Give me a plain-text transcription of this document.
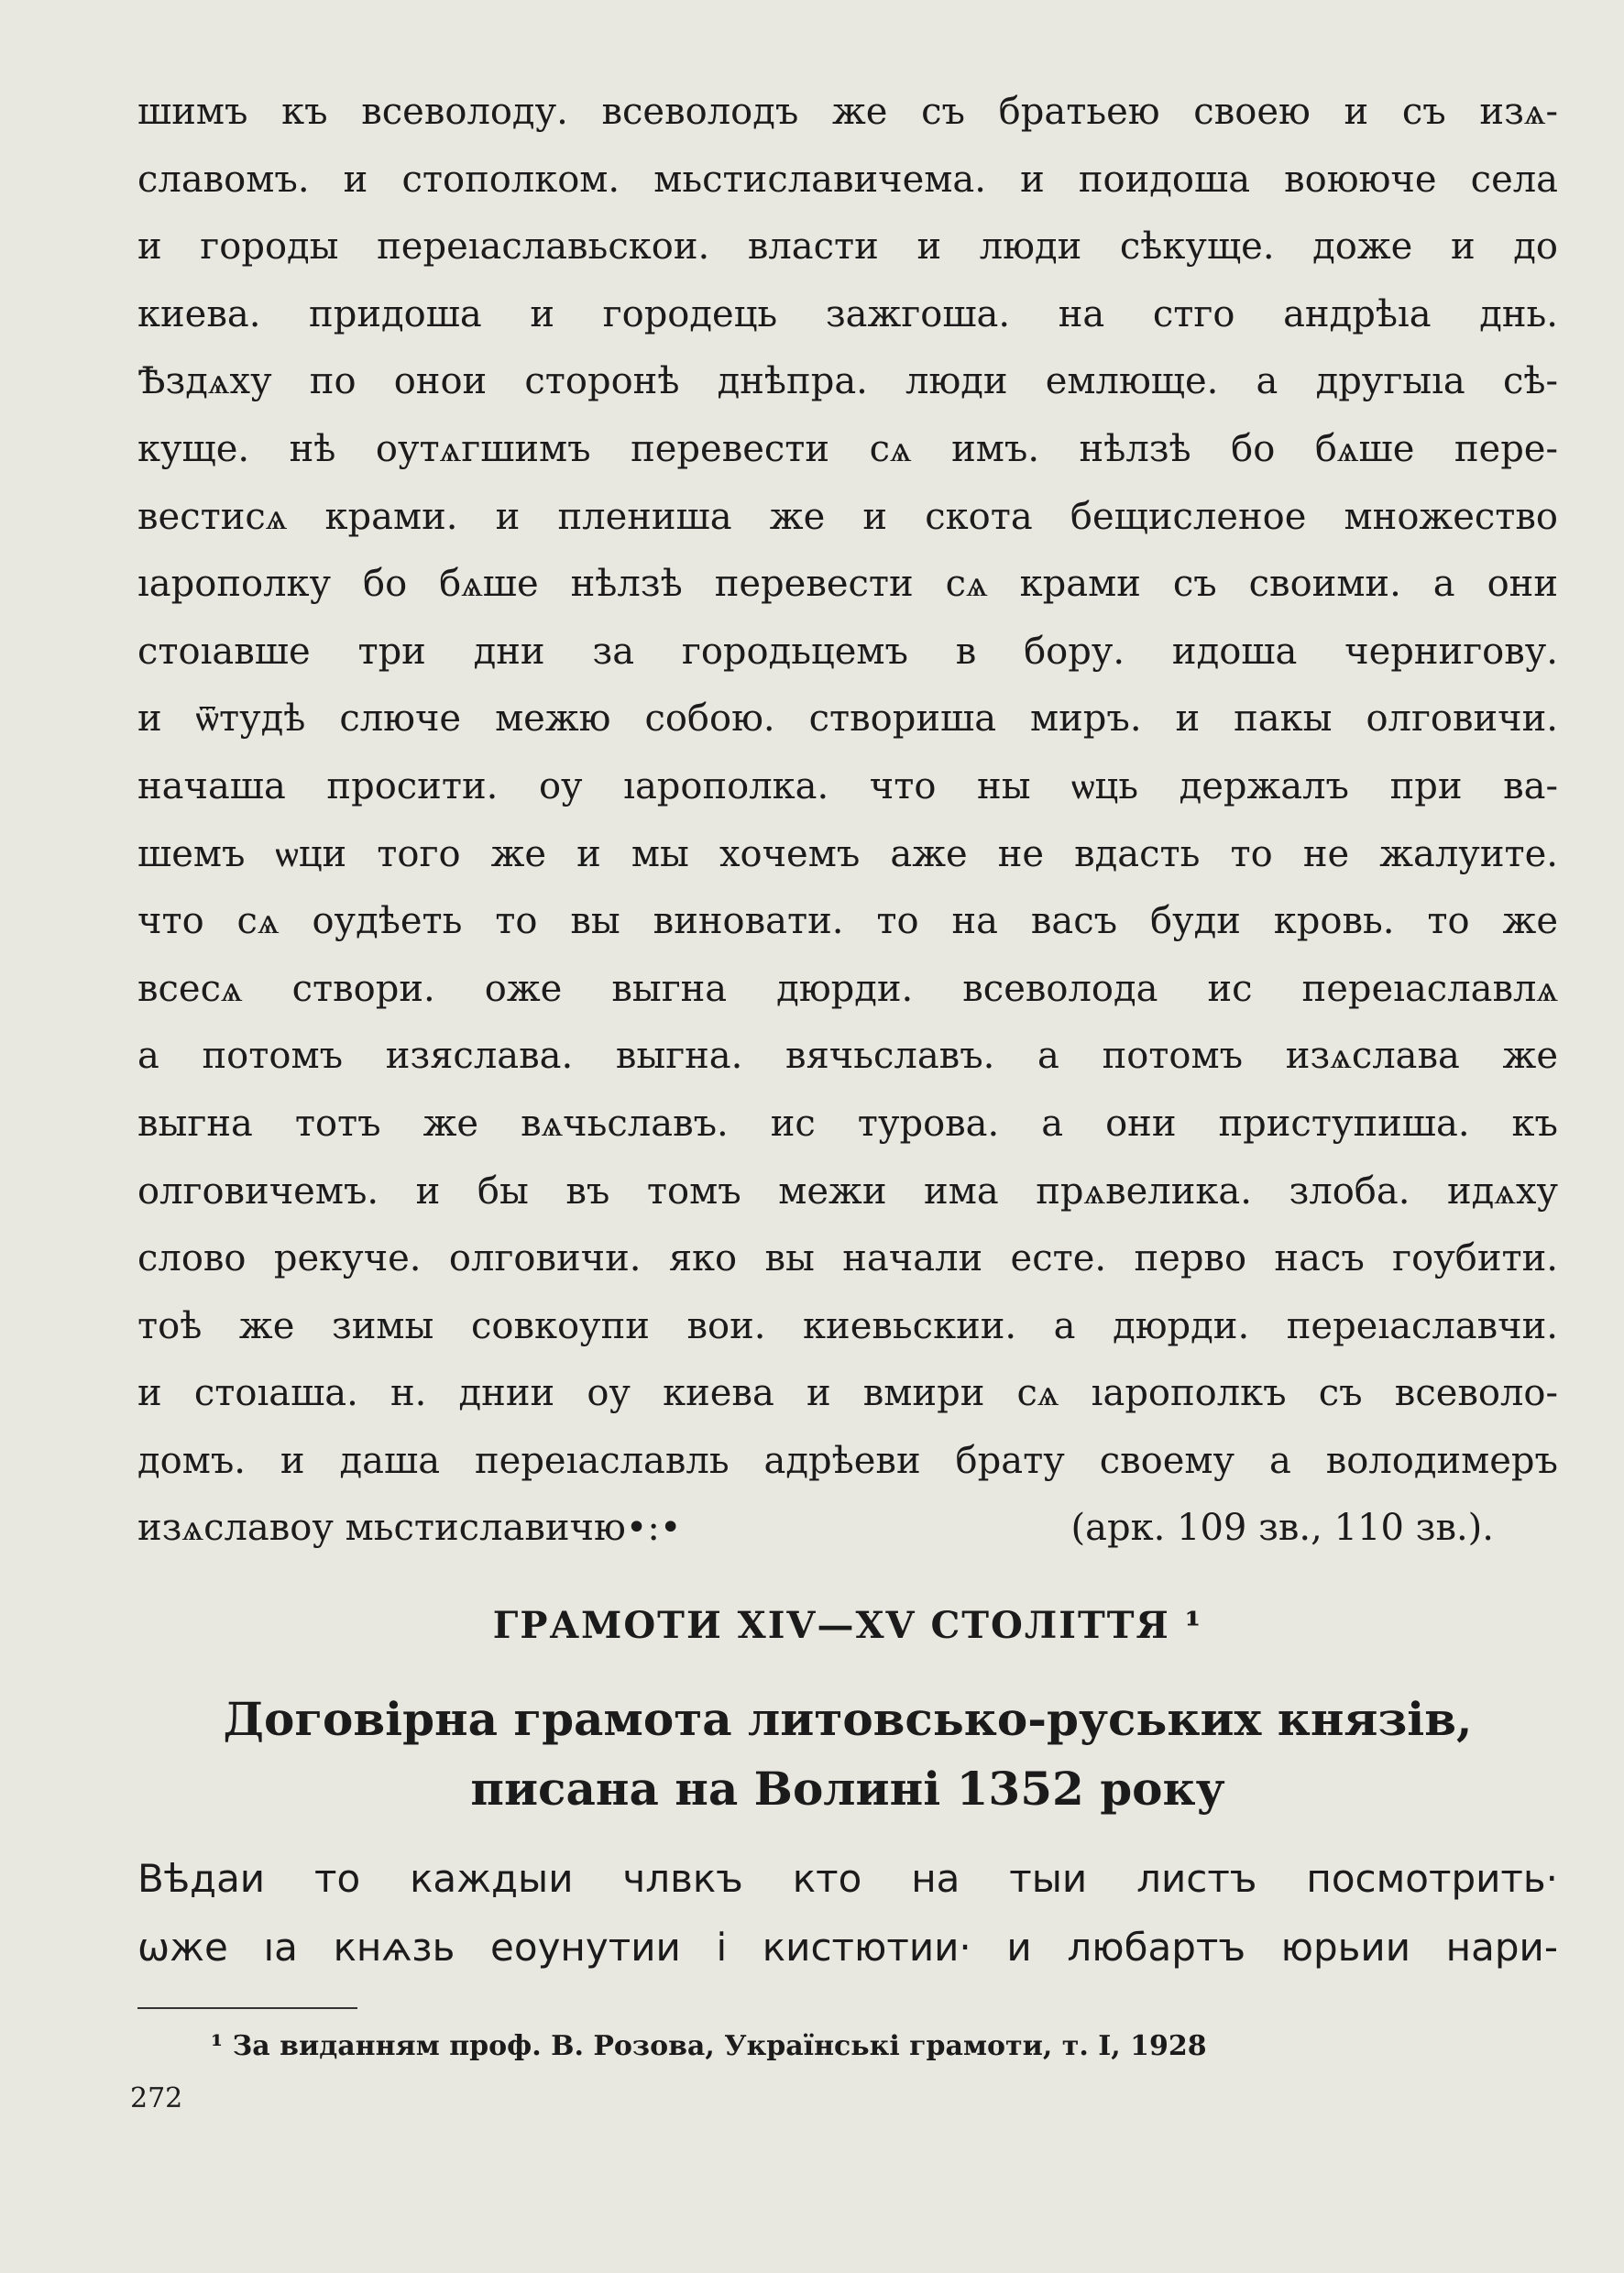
шимъ къ всеволоду. всеволодъ же съ братьею своею и съ изѧ-
славомъ. и стополком. мьстиславичема. и поидоша воююче села
и городы переıаславьскои. власти и люди сѣкуще. доже и до
киева. придоша и городець зажгоша. на стго андрѣıа днь.
Ѣздѧху по онои сторонѣ днѣпра. люди емлюще. а другыıа сѣ-
куще. нѣ оутѧгшимъ перевести сѧ имъ. нѣлзѣ бо бѧше пере-
вестисѧ крами. и плениша же и скота бещисленое множество
ıарополку бо бѧше нѣлзѣ перевести сѧ крами съ своими. а они
стоıавше три дни за городьцемъ в бору. идоша чернигову.
и ѿтудѣ слюче межю собою. створиша миръ. и пакы олговичи.
начаша просити. оу ıарополка. что ны ѡць держалъ при ва-
шемъ ѡци того же и мы хочемъ аже не вдасть то не жалуите.
что сѧ оудѣеть то вы виновати. то на васъ буди кровь. то же
всесѧ створи. оже выгна дюрди. всеволода ис переıаславлѧ
а потомъ изяслава. выгна. вячьславъ. а потомъ изѧслава же
выгна тотъ же вѧчьславъ. ис турова. а они приступиша. къ
олговичемъ. и бы въ томъ межи има прѧвелика. злоба. идѧху
слово рекуче. олговичи. яко вы начали есте. перво насъ гоубити.
тоѣ же зимы совкоупи вои. киевьскии. а дюрди. переıаславчи.
и стоıаша. н. днии оу киева и вмири сѧ ıарополкъ съ всеволо-
домъ. и даша переıаславль адрѣеви брату своему а володимеръ
изѧславоу мьстиславичю•:•	(арк. 109 зв., 110 зв.).
ГРАМОТИ XIV—XV СТОЛІТТЯ ¹
Договірна грамота литовсько-руських князів,
писана на Волині 1352 року
Вѣдаи то каждыи члвкъ кто на тыи листъ посмотрить·
ѡже ıа кнѧзь еоунутии і кистютии· и любартъ юрьии нари-
¹ За виданням проф. В. Розова, Українські грамоти, т. І, 1928
272
